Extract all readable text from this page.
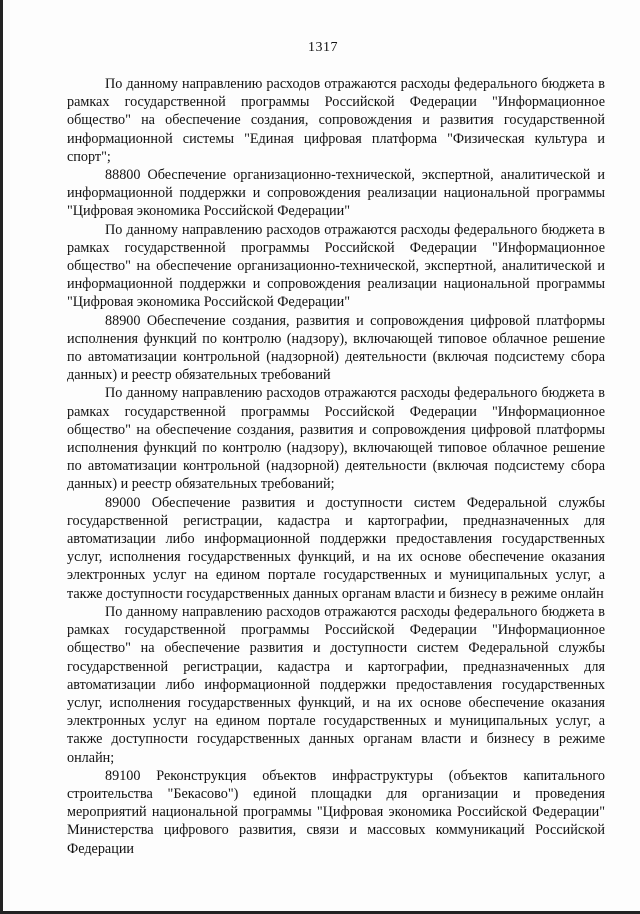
1317

По данному направлению расходов отражаются расходы федерального бюджета в рамках государственной программы Российской Федерации "Информационное общество" на обеспечение создания, сопровождения и развития государственной информационной системы "Единая цифровая платформа "Физическая культура и спорт";

88800 Обеспечение организационно-технической, экспертной, аналитической и информационной поддержки и сопровождения реализации национальной программы "Цифровая экономика Российской Федерации"

По данному направлению расходов отражаются расходы федерального бюджета в рамках государственной программы Российской Федерации "Информационное общество" на обеспечение организационно-технической, экспертной, аналитической и информационной поддержки и сопровождения реализации национальной программы "Цифровая экономика Российской Федерации"

88900 Обеспечение создания, развития и сопровождения цифровой платформы исполнения функций по контролю (надзору), включающей типовое облачное решение по автоматизации контрольной (надзорной) деятельности (включая подсистему сбора данных) и реестр обязательных требований

По данному направлению расходов отражаются расходы федерального бюджета в рамках государственной программы Российской Федерации "Информационное общество" на обеспечение создания, развития и сопровождения цифровой платформы исполнения функций по контролю (надзору), включающей типовое облачное решение по автоматизации контрольной (надзорной) деятельности (включая подсистему сбора данных) и реестр обязательных требований;

89000 Обеспечение развития и доступности систем Федеральной службы государственной регистрации, кадастра и картографии, предназначенных для автоматизации либо информационной поддержки предоставления государственных услуг, исполнения государственных функций, и на их основе обеспечение оказания электронных услуг на едином портале государственных и муниципальных услуг, а также доступности государственных данных органам власти и бизнесу в режиме онлайн

По данному направлению расходов отражаются расходы федерального бюджета в рамках государственной программы Российской Федерации "Информационное общество" на обеспечение развития и доступности систем Федеральной службы государственной регистрации, кадастра и картографии, предназначенных для автоматизации либо информационной поддержки предоставления государственных услуг, исполнения государственных функций, и на их основе обеспечение оказания электронных услуг на едином портале государственных и муниципальных услуг, а также доступности государственных данных органам власти и бизнесу в режиме онлайн;

89100 Реконструкция объектов инфраструктуры (объектов капитального строительства "Бекасово") единой площадки для организации и проведения мероприятий национальной программы "Цифровая экономика Российской Федерации" Министерства цифрового развития, связи и массовых коммуникаций Российской Федерации
